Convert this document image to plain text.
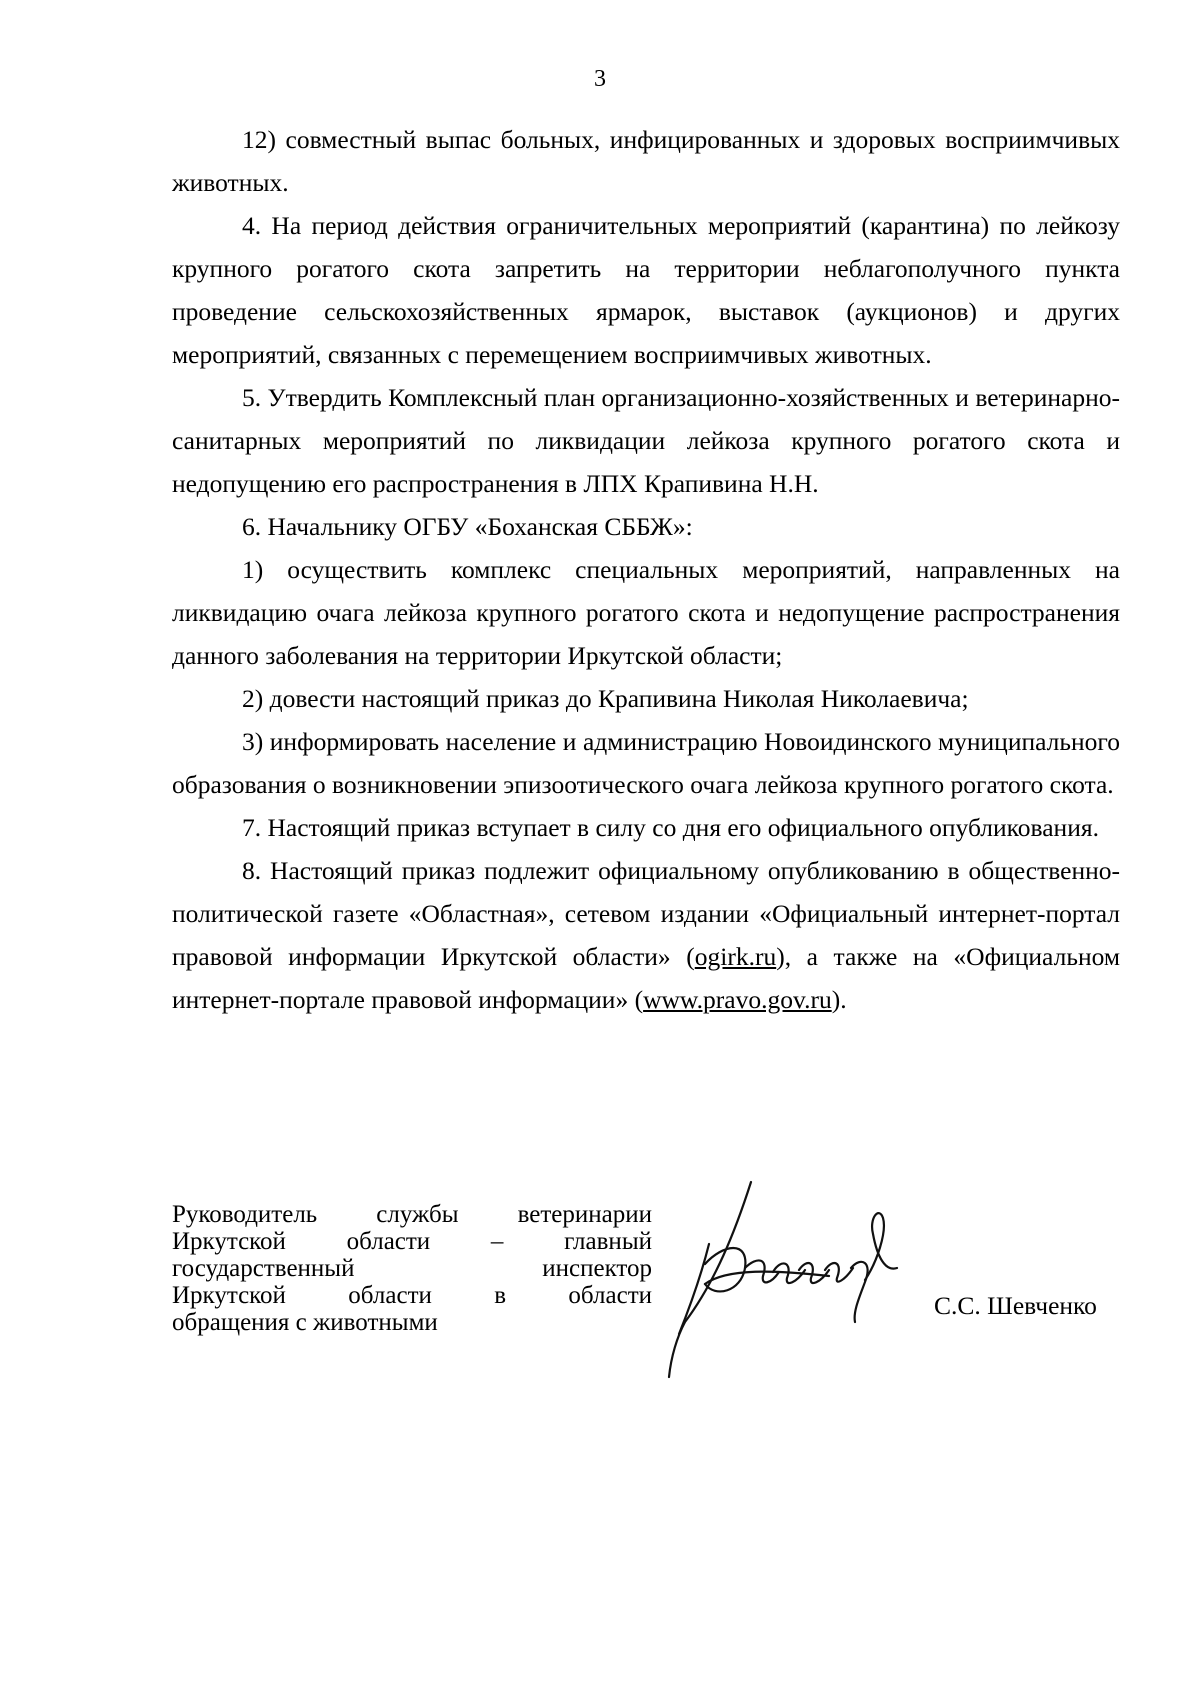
3

12) совместный выпас больных, инфицированных и здоровых восприимчивых животных.

4. На период действия ограничительных мероприятий (карантина) по лейкозу крупного рогатого скота запретить на территории неблагополучного пункта проведение сельскохозяйственных ярмарок, выставок (аукционов) и других мероприятий, связанных с перемещением восприимчивых животных.

5. Утвердить Комплексный план организационно-хозяйственных и ветеринарно-санитарных мероприятий по ликвидации лейкоза крупного рогатого скота и недопущению его распространения в ЛПХ Крапивина Н.Н.

6. Начальнику ОГБУ «Боханская СББЖ»:

1) осуществить комплекс специальных мероприятий, направленных на ликвидацию очага лейкоза крупного рогатого скота и недопущение распространения данного заболевания на территории Иркутской области;

2) довести настоящий приказ до Крапивина Николая Николаевича;

3) информировать население и администрацию Новоидинского муниципального образования о возникновении эпизоотического очага лейкоза крупного рогатого скота.

7. Настоящий приказ вступает в силу со дня его официального опубликования.

8. Настоящий приказ подлежит официальному опубликованию в общественно-политической газете «Областная», сетевом издании «Официальный интернет-портал правовой информации Иркутской области» (ogirk.ru), а также на «Официальном интернет-портале правовой информации» (www.pravo.gov.ru).

Руководитель службы ветеринарии
Иркутской области – главный
государственный инспектор
Иркутской области в области
обращения с животными
С.С. Шевченко
